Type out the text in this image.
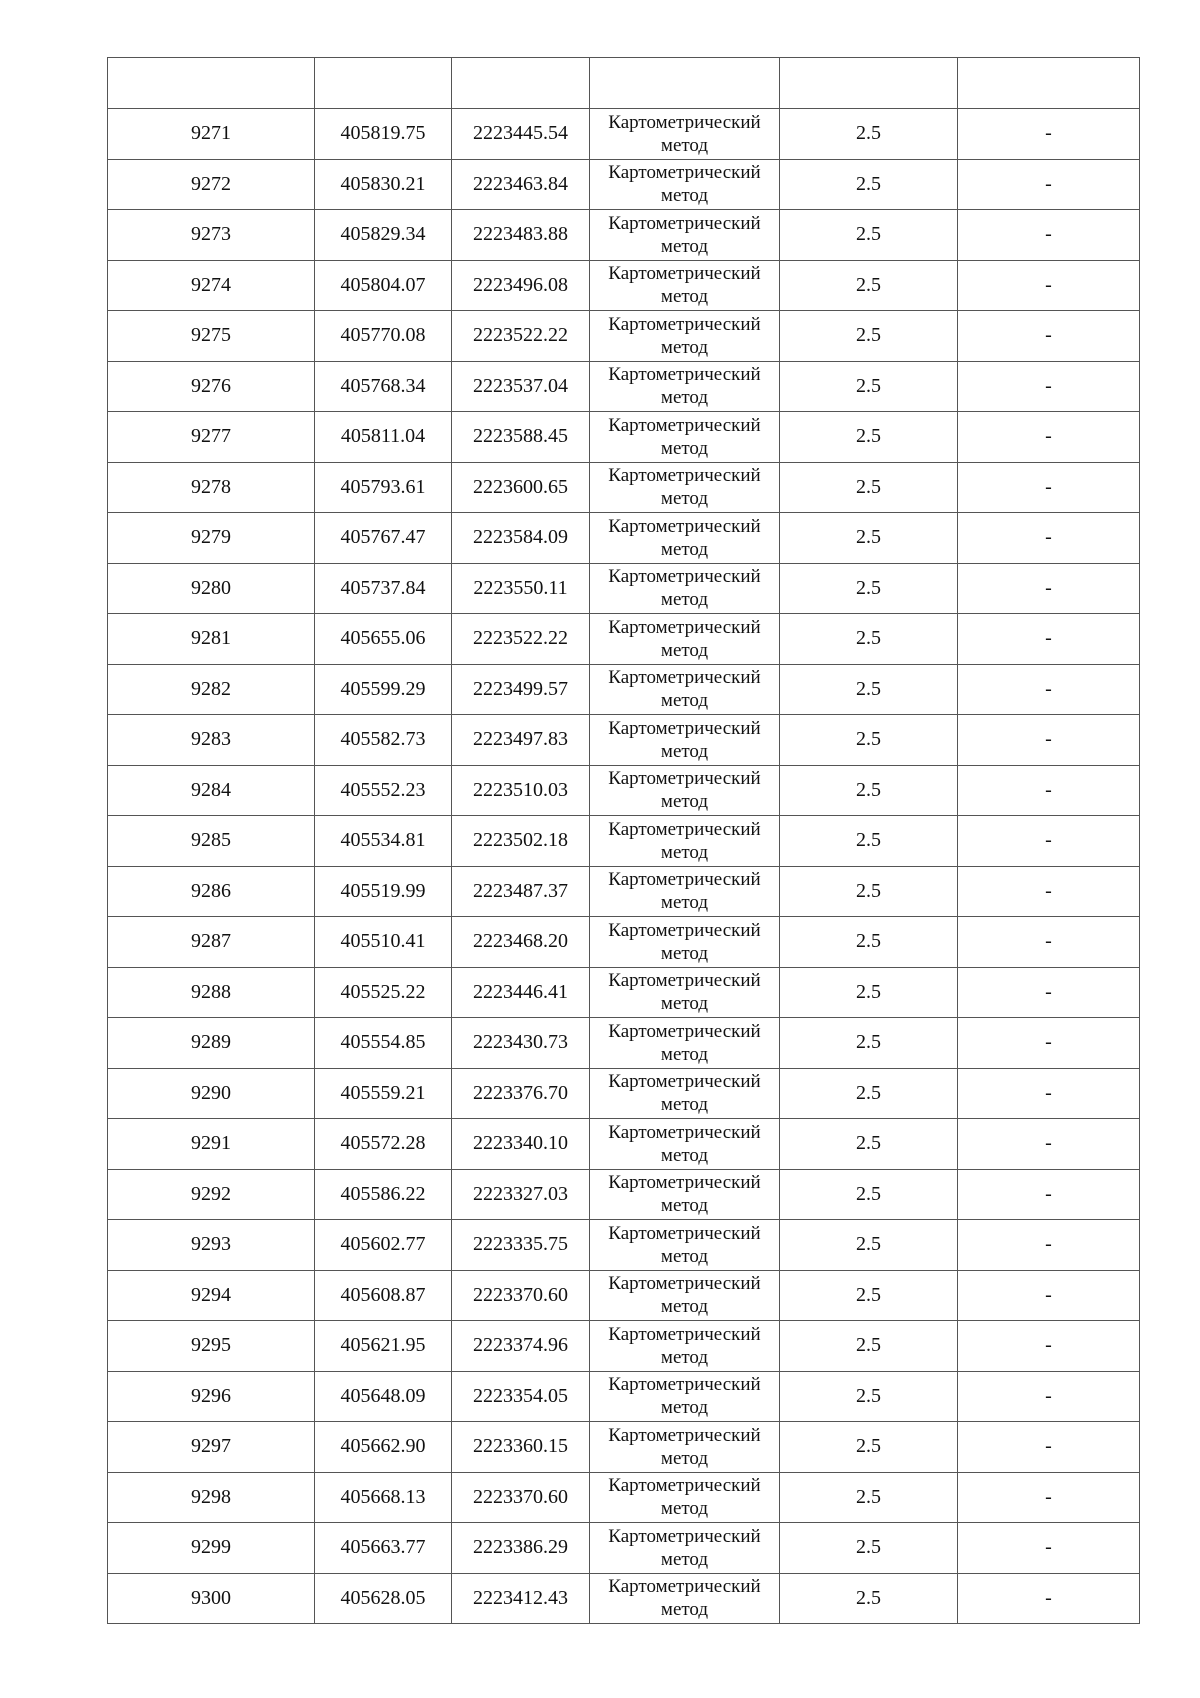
9271	405819.75	2223445.54	Картометрический
метод	2.5	-
9272	405830.21	2223463.84	Картометрический
метод	2.5	-
9273	405829.34	2223483.88	Картометрический
метод	2.5	-
9274	405804.07	2223496.08	Картометрический
метод	2.5	-
9275	405770.08	2223522.22	Картометрический
метод	2.5	-
9276	405768.34	2223537.04	Картометрический
метод	2.5	-
9277	405811.04	2223588.45	Картометрический
метод	2.5	-
9278	405793.61	2223600.65	Картометрический
метод	2.5	-
9279	405767.47	2223584.09	Картометрический
метод	2.5	-
9280	405737.84	2223550.11	Картометрический
метод	2.5	-
9281	405655.06	2223522.22	Картометрический
метод	2.5	-
9282	405599.29	2223499.57	Картометрический
метод	2.5	-
9283	405582.73	2223497.83	Картометрический
метод	2.5	-
9284	405552.23	2223510.03	Картометрический
метод	2.5	-
9285	405534.81	2223502.18	Картометрический
метод	2.5	-
9286	405519.99	2223487.37	Картометрический
метод	2.5	-
9287	405510.41	2223468.20	Картометрический
метод	2.5	-
9288	405525.22	2223446.41	Картометрический
метод	2.5	-
9289	405554.85	2223430.73	Картометрический
метод	2.5	-
9290	405559.21	2223376.70	Картометрический
метод	2.5	-
9291	405572.28	2223340.10	Картометрический
метод	2.5	-
9292	405586.22	2223327.03	Картометрический
метод	2.5	-
9293	405602.77	2223335.75	Картометрический
метод	2.5	-
9294	405608.87	2223370.60	Картометрический
метод	2.5	-
9295	405621.95	2223374.96	Картометрический
метод	2.5	-
9296	405648.09	2223354.05	Картометрический
метод	2.5	-
9297	405662.90	2223360.15	Картометрический
метод	2.5	-
9298	405668.13	2223370.60	Картометрический
метод	2.5	-
9299	405663.77	2223386.29	Картометрический
метод	2.5	-
9300	405628.05	2223412.43	Картометрический
метод	2.5	-
